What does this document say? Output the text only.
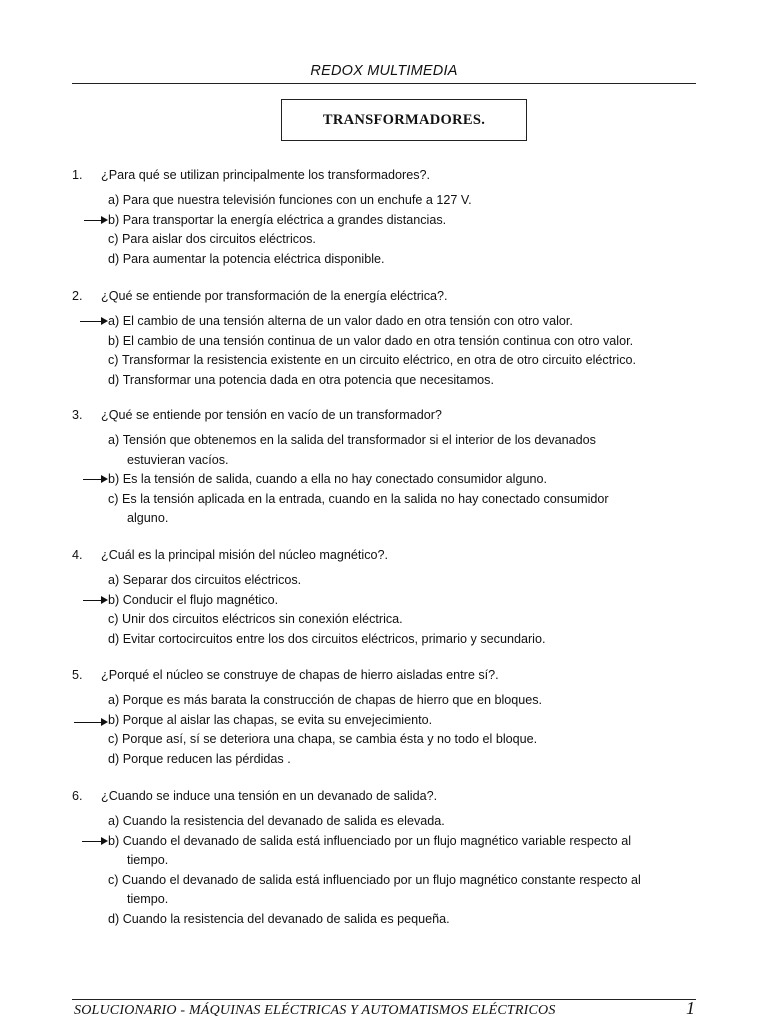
REDOX MULTIMEDIA
TRANSFORMADORES.
1. ¿Para qué se utilizan principalmente los transformadores?.
a)
Para que nuestra televisión funciones con un enchufe a 127 V.
b)
Para transportar la energía eléctrica a grandes distancias.
c)
Para aislar dos circuitos eléctricos.
d)
Para aumentar la potencia eléctrica disponible.
2. ¿Qué se entiende por transformación de la energía eléctrica?.
a)
El cambio de una tensión alterna de un valor dado en otra tensión con otro valor.
b)
El cambio de una tensión continua de un valor dado en otra tensión continua con otro valor.
c)
Transformar la resistencia existente en un circuito eléctrico, en otra de otro circuito eléctrico.
d)
Transformar una potencia dada en otra potencia que necesitamos.
3. ¿Qué se entiende por tensión en vacío de un transformador?
a)
Tensión que obtenemos en la salida del transformador si el interior de los devanados
estuvieran vacíos.
b)
Es la tensión de salida, cuando a ella no hay conectado consumidor alguno.
c)
Es la tensión aplicada en la entrada, cuando en la salida no hay conectado consumidor
alguno.
4. ¿Cuál es la principal misión del núcleo magnético?.
a)
Separar dos circuitos eléctricos.
b)
Conducir el flujo magnético.
c)
Unir dos circuitos eléctricos sin conexión eléctrica.
d)
Evitar cortocircuitos entre los dos circuitos eléctricos, primario y secundario.
5. ¿Porqué el núcleo se construye de chapas de hierro aisladas entre sí?.
a)
Porque es más barata la construcción de chapas de hierro que en bloques.
b)
Porque al aislar las chapas, se evita su envejecimiento.
c)
Porque así, sí se deteriora una chapa, se cambia ésta y no todo el bloque.
d)
Porque reducen las pérdidas .
6. ¿Cuando se induce una tensión en un devanado de salida?.
a)
Cuando la resistencia del devanado de salida es elevada.
b)
Cuando el devanado de salida está influenciado por un flujo magnético variable respecto al
tiempo.
c)
Cuando el devanado de salida está influenciado por un flujo magnético constante respecto al
tiempo.
d)
Cuando la resistencia del devanado de salida es pequeña.
SOLUCIONARIO - MÁQUINAS ELÉCTRICAS Y AUTOMATISMOS ELÉCTRICOS	1
